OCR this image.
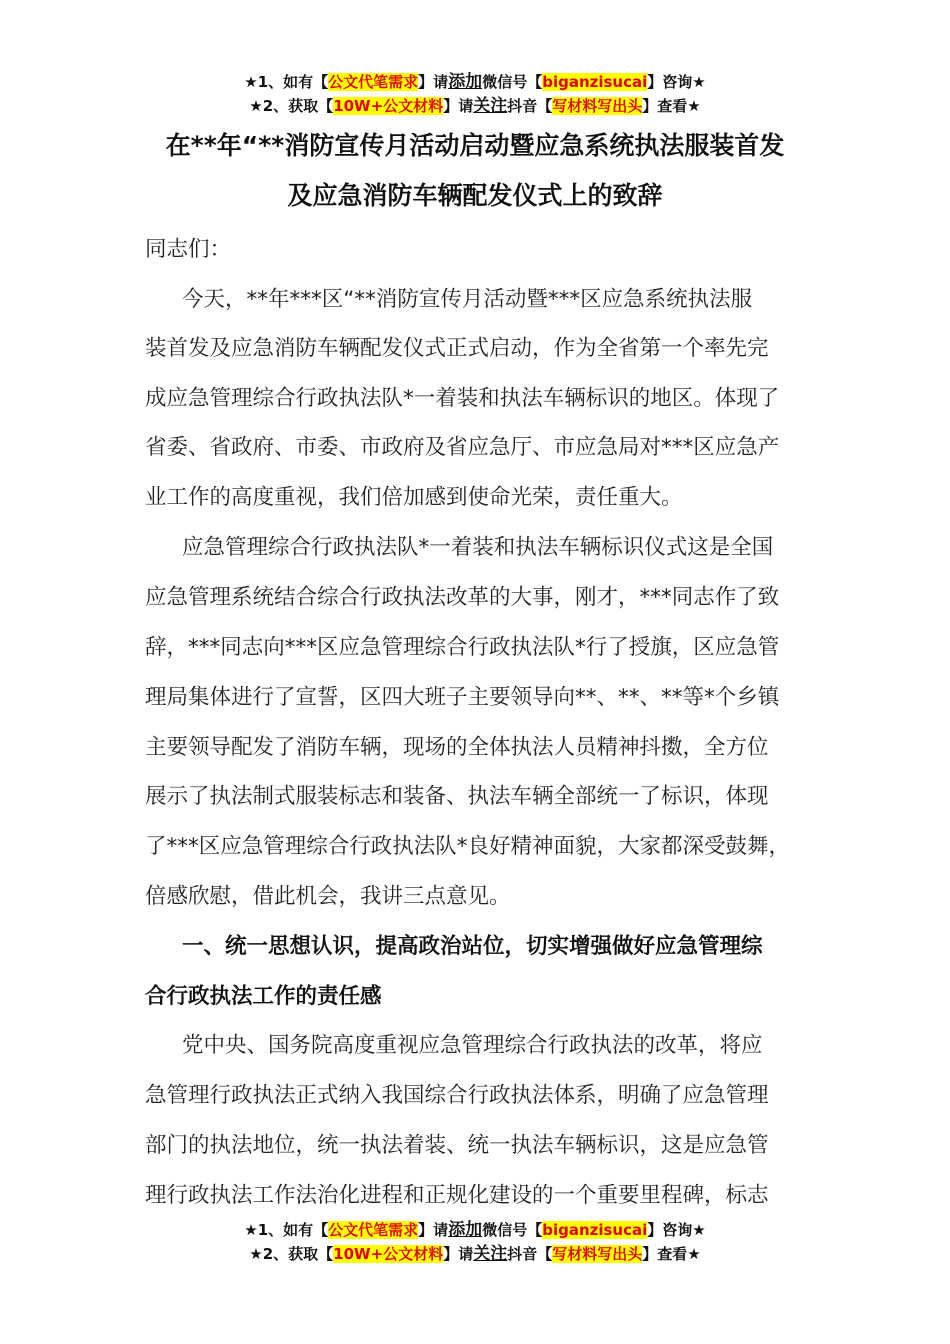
★1、如有【公文代笔需求】请添加微信号【biganzisucai】咨询★
★2、获取【10W+公文材料】请关注抖音【写材料写出头】查看★
在**年“**消防宣传月活动启动暨应急系统执法服装首发
及应急消防车辆配发仪式上的致辞
同志们：
今天，**年***区“**消防宣传月活动暨***区应急系统执法服
装首发及应急消防车辆配发仪式正式启动，作为全省第一个率先完
成应急管理综合行政执法队*一着装和执法车辆标识的地区。体现了
省委、省政府、市委、市政府及省应急厅、市应急局对***区应急产
业工作的高度重视，我们倍加感到使命光荣，责任重大。
应急管理综合行政执法队*一着装和执法车辆标识仪式这是全国
应急管理系统结合综合行政执法改革的大事，刚才，***同志作了致
辞，***同志向***区应急管理综合行政执法队*行了授旗，区应急管
理局集体进行了宣誓，区四大班子主要领导向**、**、**等*个乡镇
主要领导配发了消防车辆，现场的全体执法人员精神抖擞，全方位
展示了执法制式服装标志和装备、执法车辆全部统一了标识，体现
了***区应急管理综合行政执法队*良好精神面貌，大家都深受鼓舞，
倍感欣慰，借此机会，我讲三点意见。
一、统一思想认识，提高政治站位，切实增强做好应急管理综
合行政执法工作的责任感
党中央、国务院高度重视应急管理综合行政执法的改革，将应
急管理行政执法正式纳入我国综合行政执法体系，明确了应急管理
部门的执法地位，统一执法着装、统一执法车辆标识，这是应急管
理行政执法工作法治化进程和正规化建设的一个重要里程碑，标志
★1、如有【公文代笔需求】请添加微信号【biganzisucai】咨询★
★2、获取【10W+公文材料】请关注抖音【写材料写出头】查看★
